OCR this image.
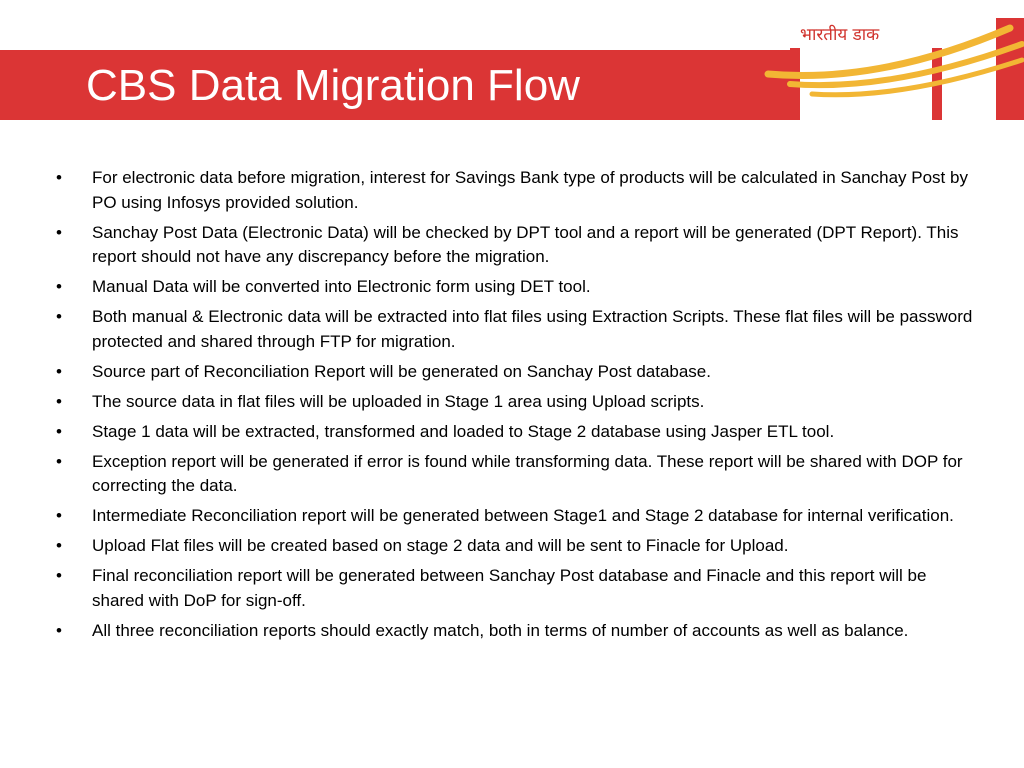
CBS Data Migration Flow
भारतीय डाक
• For electronic data before migration, interest for Savings Bank type of products will be calculated in Sanchay Post by PO using Infosys provided solution.
• Sanchay Post Data (Electronic Data) will be checked by DPT tool and a report will be generated (DPT Report). This report should not have any discrepancy before the migration.
• Manual Data will be converted into Electronic form using DET tool.
• Both manual & Electronic data will be extracted into flat files using Extraction Scripts. These flat files will be password protected and shared through FTP for migration.
• Source part of Reconciliation Report will be generated on Sanchay Post database.
• The source data in flat files will be uploaded in Stage 1 area using Upload scripts.
• Stage 1 data will be extracted, transformed and loaded to Stage 2 database using Jasper ETL tool.
• Exception report will be generated if error is found while transforming data. These report will be shared with DOP for correcting the data.
• Intermediate Reconciliation report will be generated between Stage1 and Stage 2 database for internal verification.
• Upload Flat files will be created based on stage 2 data and will be sent to Finacle for Upload.
• Final reconciliation report will be generated between Sanchay Post database and Finacle and this report will be shared with DoP for sign-off.
• All three reconciliation reports should exactly match, both in terms of number of accounts as well as balance.
